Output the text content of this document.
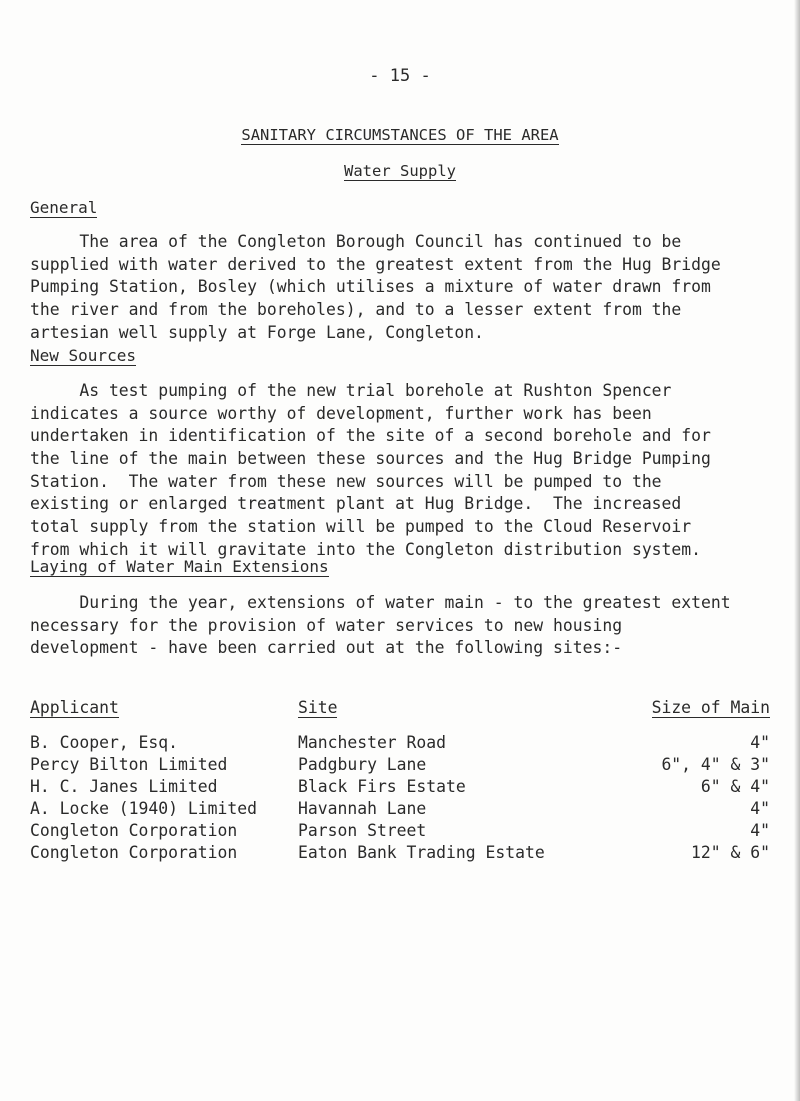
- 15 -
SANITARY CIRCUMSTANCES OF THE AREA
Water Supply
General
The area of the Congleton Borough Council has continued to be
supplied with water derived to the greatest extent from the Hug Bridge
Pumping Station, Bosley (which utilises a mixture of water drawn from
the river and from the boreholes), and to a lesser extent from the
artesian well supply at Forge Lane, Congleton.
New Sources
As test pumping of the new trial borehole at Rushton Spencer
indicates a source worthy of development, further work has been
undertaken in identification of the site of a second borehole and for
the line of the main between these sources and the Hug Bridge Pumping
Station.  The water from these new sources will be pumped to the
existing or enlarged treatment plant at Hug Bridge.  The increased
total supply from the station will be pumped to the Cloud Reservoir
from which it will gravitate into the Congleton distribution system.
Laying of Water Main Extensions
During the year, extensions of water main - to the greatest extent
necessary for the provision of water services to new housing
development - have been carried out at the following sites:-
Applicant	Site	Size of Main
B. Cooper, Esq.	Manchester Road	4"
Percy Bilton Limited	Padgbury Lane	6", 4" & 3"
H. C. Janes Limited	Black Firs Estate	6" & 4"
A. Locke (1940) Limited	Havannah Lane	4"
Congleton Corporation	Parson Street	4"
Congleton Corporation	Eaton Bank Trading Estate	12" & 6"
